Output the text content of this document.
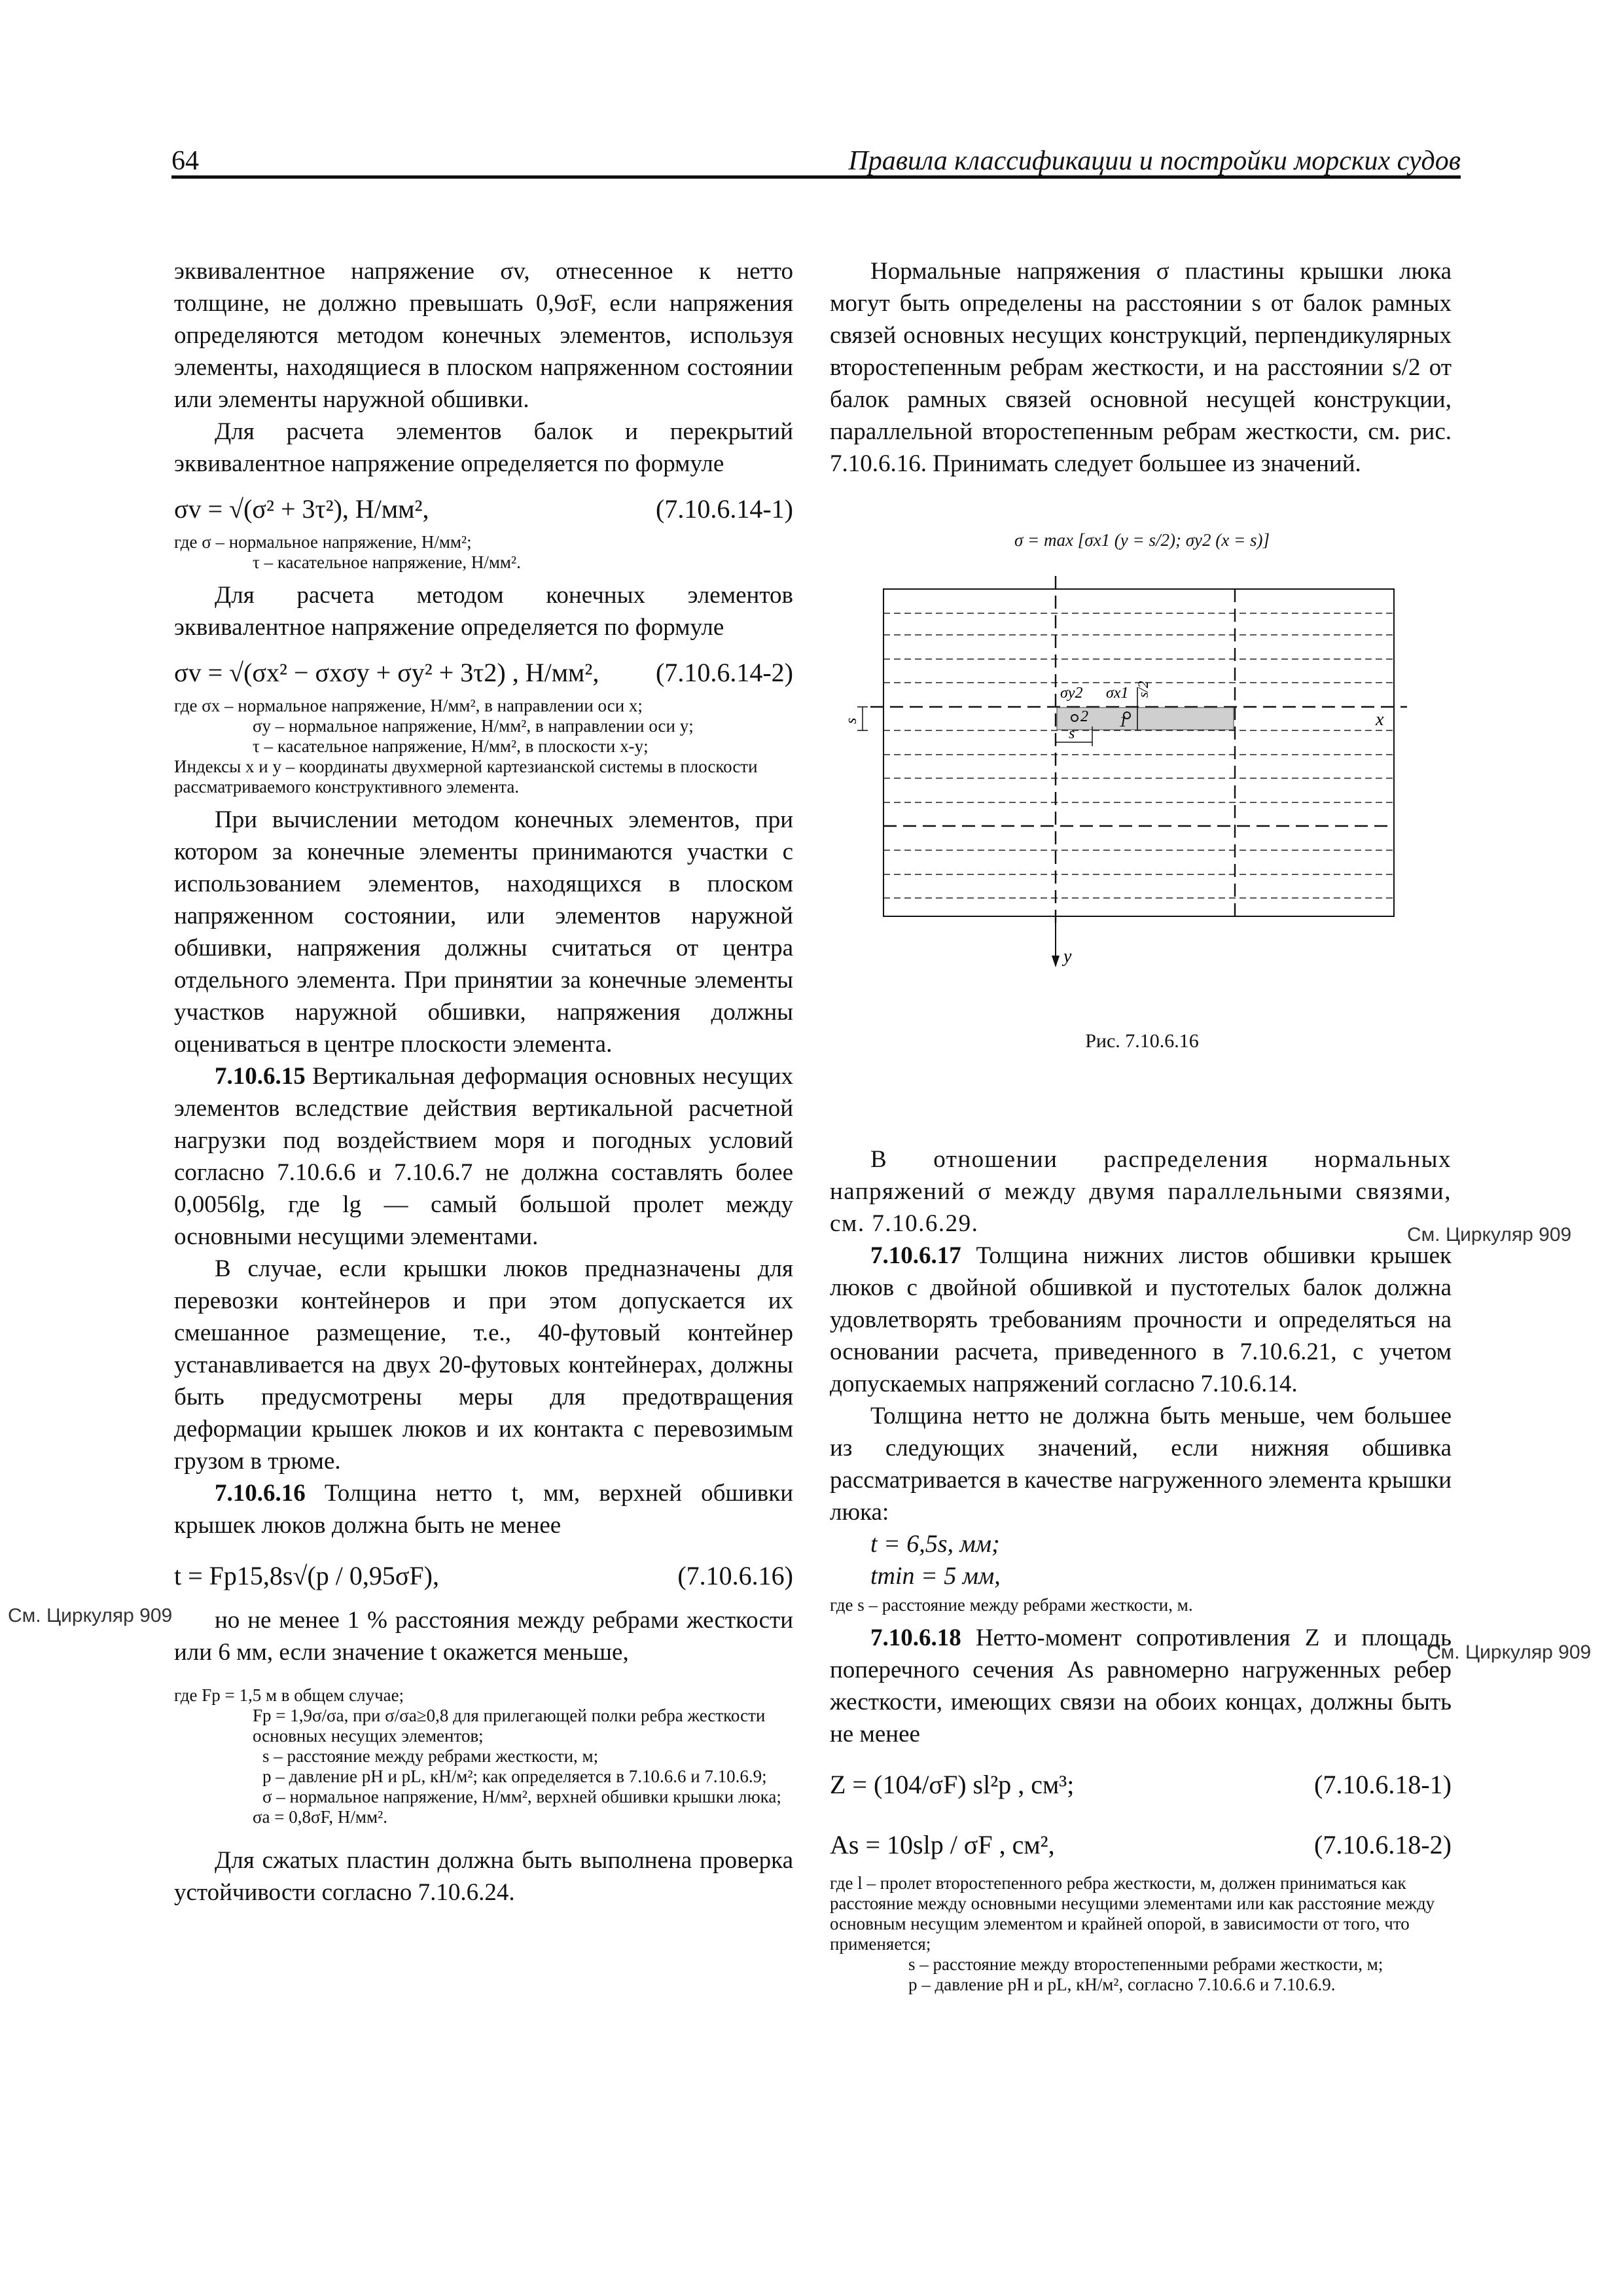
64	Правила классификации и постройки морских судов

эквивалентное напряжение σv, отнесенное к нетто толщине, не должно превышать 0,9σF, если напряжения определяются методом конечных элементов, используя элементы, находящиеся в плоском напряженном состоянии или элементы наружной обшивки.

Для расчета элементов балок и перекрытий эквивалентное напряжение определяется по формуле

σv = √(σ² + 3τ²), Н/мм²,	(7.10.6.14-1)
где σ – нормальное напряжение, Н/мм²;
τ – касательное напряжение, Н/мм².

Для расчета методом конечных элементов эквивалентное напряжение определяется по формуле

σv = √(σx² − σxσy + σy² + 3τ2) , Н/мм², (7.10.6.14-2)
где σx – нормальное напряжение, Н/мм², в направлении оси x;
σy – нормальное напряжение, Н/мм², в направлении оси y;
τ – касательное напряжение, Н/мм², в плоскости x-y;
Индексы x и y – координаты двухмерной картезианской системы в плоскости рассматриваемого конструктивного элемента.

При вычислении методом конечных элементов, при котором за конечные элементы принимаются участки с использованием элементов, находящихся в плоском напряженном состоянии, или элементов наружной обшивки, напряжения должны считаться от центра отдельного элемента. При принятии за конечные элементы участков наружной обшивки, напряжения должны оцениваться в центре плоскости элемента.

7.10.6.15 Вертикальная деформация основных несущих элементов вследствие действия вертикальной расчетной нагрузки под воздействием моря и погодных условий согласно 7.10.6.6 и 7.10.6.7 не должна составлять более 0,0056lg, где lg — самый большой пролет между основными несущими элементами.

В случае, если крышки люков предназначены для перевозки контейнеров и при этом допускается их смешанное размещение, т.е., 40-футовый контейнер устанавливается на двух 20-футовых контейнерах, должны быть предусмотрены меры для предотвращения деформации крышек люков и их контакта с перевозимым грузом в трюме.

7.10.6.16 Толщина нетто t, мм, верхней обшивки крышек люков должна быть не менее

t = Fp15,8s√(p / 0,95σF),	(7.10.6.16)

но не менее 1 % расстояния между ребрами жесткости или 6 мм, если значение t окажется меньше,

где Fp = 1,5 м в общем случае;
Fp = 1,9σ/σa, при σ/σa≥0,8 для прилегающей полки ребра жесткости основных несущих элементов;
s – расстояние между ребрами жесткости, м;
p – давление pH и pL, кН/м²; как определяется в 7.10.6.6 и 7.10.6.9;
σ – нормальное напряжение, Н/мм², верхней обшивки крышки люка;
σa = 0,8σF, Н/мм².

Для сжатых пластин должна быть выполнена проверка устойчивости согласно 7.10.6.24.

Нормальные напряжения σ пластины крышки люка могут быть определены на расстоянии s от балок рамных связей основных несущих конструкций, перпендикулярных второстепенным ребрам жесткости, и на расстоянии s/2 от балок рамных связей основной несущей конструкции, параллельной второстепенным ребрам жесткости, см. рис. 7.10.6.16. Принимать следует большее из значений.

σ = max [σx1 (y = s/2); σy2 (x = s)]
x
y
σy2 σx1 s/2
2 1
s
s
Рис. 7.10.6.16

В отношении распределения нормальных напряжений σ между двумя параллельными связями, см. 7.10.6.29.

7.10.6.17 Толщина нижних листов обшивки крышек люков с двойной обшивкой и пустотелых балок должна удовлетворять требованиям прочности и определяться на основании расчета, приведенного в 7.10.6.21, с учетом допускаемых напряжений согласно 7.10.6.14.

Толщина нетто не должна быть меньше, чем большее из следующих значений, если нижняя обшивка рассматривается в качестве нагруженного элемента крышки люка:

t = 6,5s, мм;

tmin = 5 мм,

где s – расстояние между ребрами жесткости, м.

7.10.6.18 Нетто-момент сопротивления Z и площадь поперечного сечения As равномерно нагруженных ребер жесткости, имеющих связи на обоих концах, должны быть не менее

Z = (104/σF) sl²p , см³;	(7.10.6.18-1)
As = 10slp / σF , см²,	(7.10.6.18-2)
где l – пролет второстепенного ребра жесткости, м, должен приниматься как расстояние между основными несущими элементами или как расстояние между основным несущим элементом и крайней опорой, в зависимости от того, что применяется;
s – расстояние между второстепенными ребрами жесткости, м;
p – давление pH и pL, кН/м², согласно 7.10.6.6 и 7.10.6.9.
См. Циркуляр 909
См. Циркуляр 909
См. Циркуляр 909
